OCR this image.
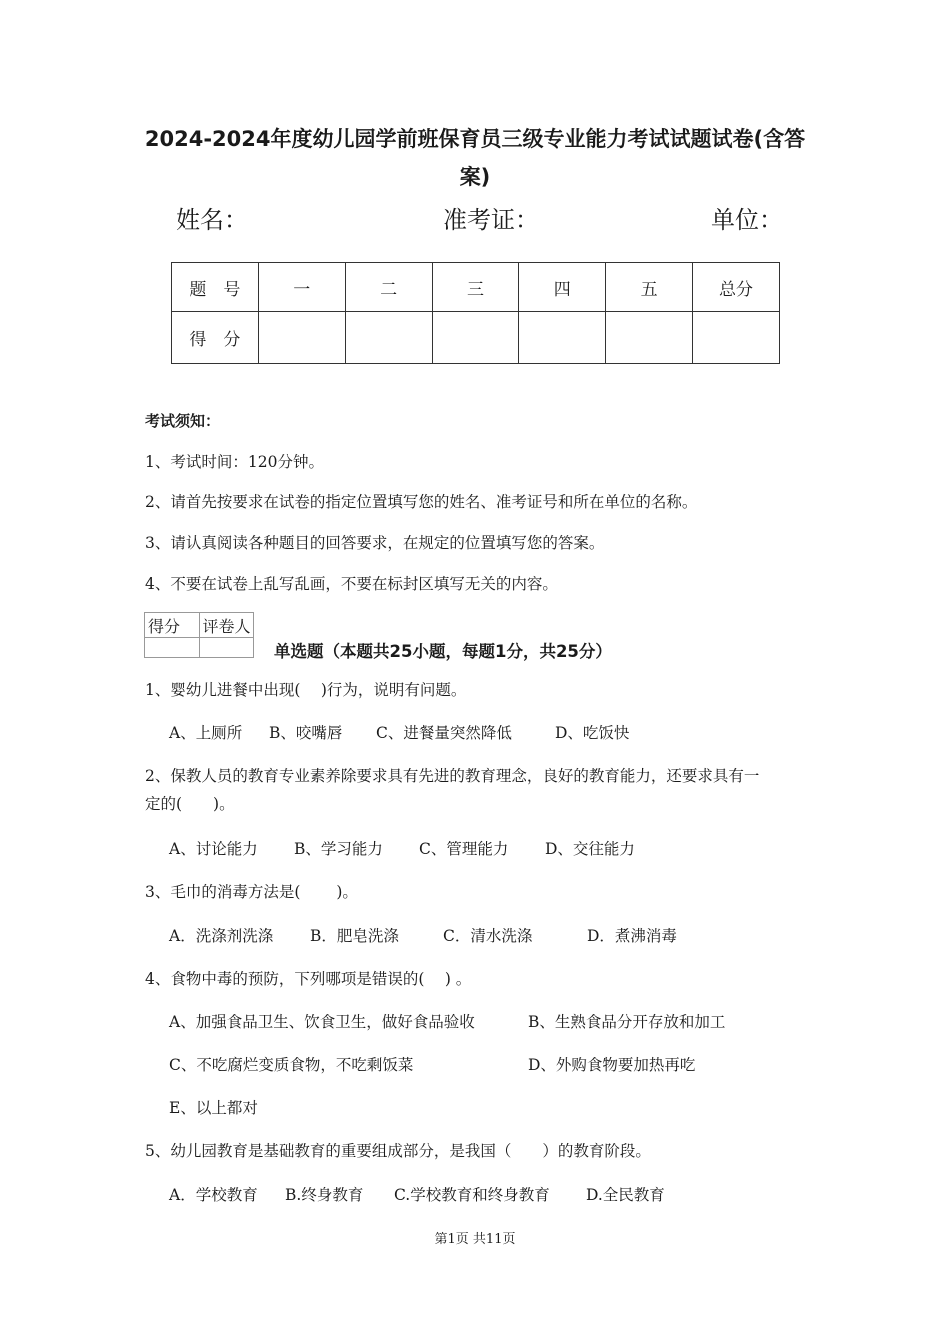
2024-2024年度幼儿园学前班保育员三级专业能力考试试题试卷(含答案)
姓名：	准考证：	单位：
题　号	一	二	三	四	五	总分
得　分						
考试须知：
1、考试时间：120分钟。
2、请首先按要求在试卷的指定位置填写您的姓名、准考证号和所在单位的名称。
3、请认真阅读各种题目的回答要求，在规定的位置填写您的答案。
4、不要在试卷上乱写乱画，不要在标封区填写无关的内容。
得分	评卷人

单选题（本题共25小题，每题1分，共25分）
1、婴幼儿进餐中出现(　 )行为，说明有问题。
A、上厕所 B、咬嘴唇 C、进餐量突然降低	D、吃饭快
2、保教人员的教育专业素养除要求具有先进的教育理念，良好的教育能力，还要求具有一
定的(　　)。
A、讨论能力 B、学习能力 C、管理能力 D、交往能力
3、毛巾的消毒方法是(　　 )。
A．洗涤剂洗涤 B．肥皂洗涤	C．清水洗涤	D．煮沸消毒
4、食物中毒的预防，下列哪项是错误的(　 ) 。
A、加强食品卫生、饮食卫生，做好食品验收	B、生熟食品分开存放和加工
C、不吃腐烂变质食物，不吃剩饭菜	D、外购食物要加热再吃
E、以上都对
5、幼儿园教育是基础教育的重要组成部分，是我国（　　）的教育阶段。
A．学校教育 B.终身教育 C.学校教育和终身教育 D.全民教育
第1页 共11页
